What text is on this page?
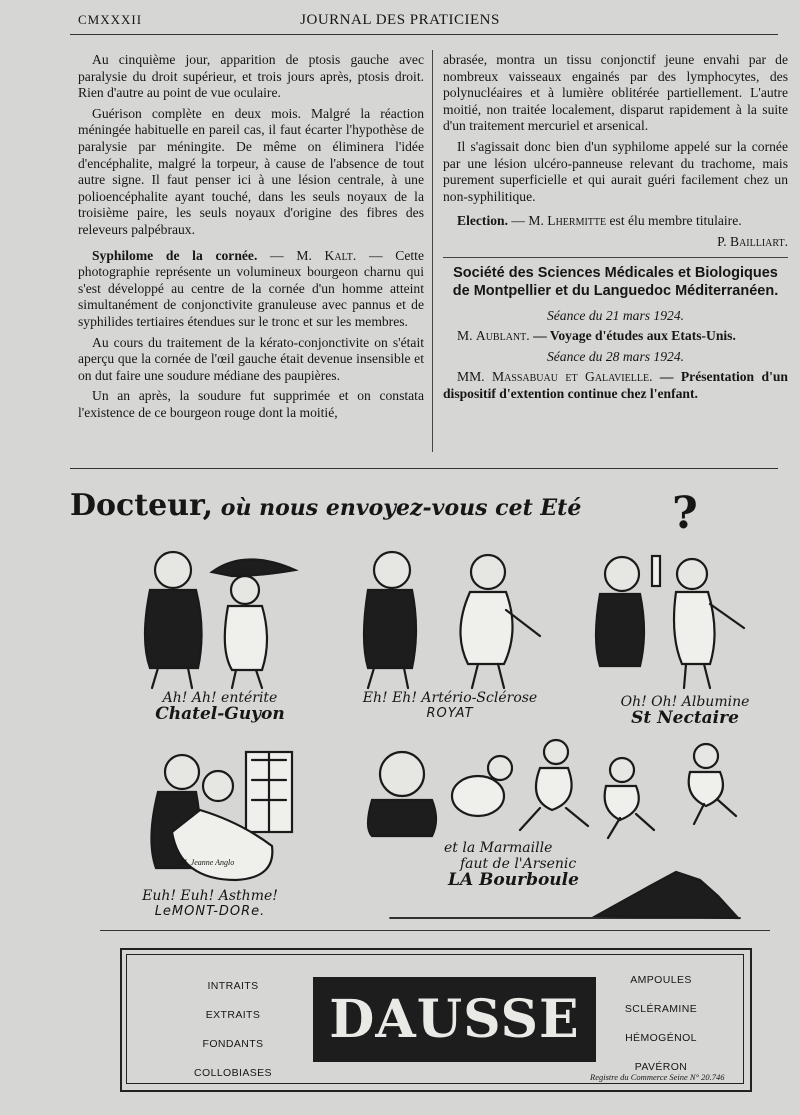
CMXXXII	JOURNAL DES PRATICIENS

Au cinquième jour, apparition de ptosis gauche avec paralysie du droit supérieur, et trois jours après, ptosis droit. Rien d'autre au point de vue oculaire.

Guérison complète en deux mois. Malgré la réaction méningée habituelle en pareil cas, il faut écarter l'hypothèse de paralysie par méningite. De même on éliminera l'idée d'encéphalite, malgré la torpeur, à cause de l'absence de tout autre signe. Il faut penser ici à une lésion centrale, à une polioencéphalite ayant touché, dans les seuls noyaux de la troisième paire, les seuls noyaux d'origine des fibres des releveurs palpébraux.

Syphilome de la cornée. — M. Kalt. — Cette photographie représente un volumineux bourgeon charnu qui s'est développé au centre de la cornée d'un homme atteint simultanément de conjonctivite granuleuse avec pannus et de syphilides tertiaires étendues sur le tronc et sur les membres.

Au cours du traitement de la kérato-conjonctivite on s'était aperçu que la cornée de l'œil gauche était devenue insensible et on dut faire une soudure médiane des paupières.

Un an après, la soudure fut supprimée et on constata l'existence de ce bourgeon rouge dont la moitié,

abrasée, montra un tissu conjonctif jeune envahi par de nombreux vaisseaux engainés par des lymphocytes, des polynucléaires et à lumière oblitérée partiellement. L'autre moitié, non traitée localement, disparut rapidement à la suite d'un traitement mercuriel et arsenical.

Il s'agissait donc bien d'un syphilome appelé sur la cornée par une lésion ulcéro-panneuse relevant du trachome, mais purement superficielle et qui aurait guéri facilement chez un non-syphilitique.

Election. — M. Lhermitte est élu membre titulaire.

P. Bailliart.

Société des Sciences Médicales et Biologiques de Montpellier et du Languedoc Méditerranéen.
Séance du 21 mars 1924.

M. Aublant. — Voyage d'études aux Etats-Unis.

Séance du 28 mars 1924.

MM. Massabuau et Galavielle. — Présentation d'un dispositif d'extention continue chez l'enfant.

Docteur, où nous envoyez-vous cet Eté ?
Ah! Ah! entérite
Chatel-Guyon
Eh! Eh! Artério-Sclérose
ROYAT
Oh! Oh! Albumine
St Nectaire
M. Jeanne Anglo
Euh! Euh! Asthme!
LeMONT-DORe.
et la Marmaille
faut de l'Arsenic
LA Bourboule
INTRAITS
EXTRAITS
FONDANTS
COLLOBIASES
DAUSSE
AMPOULES
SCLÉRAMINE
HÉMOGÉNOL
PAVÉRON
Registre du Commerce Seine N° 20.746
